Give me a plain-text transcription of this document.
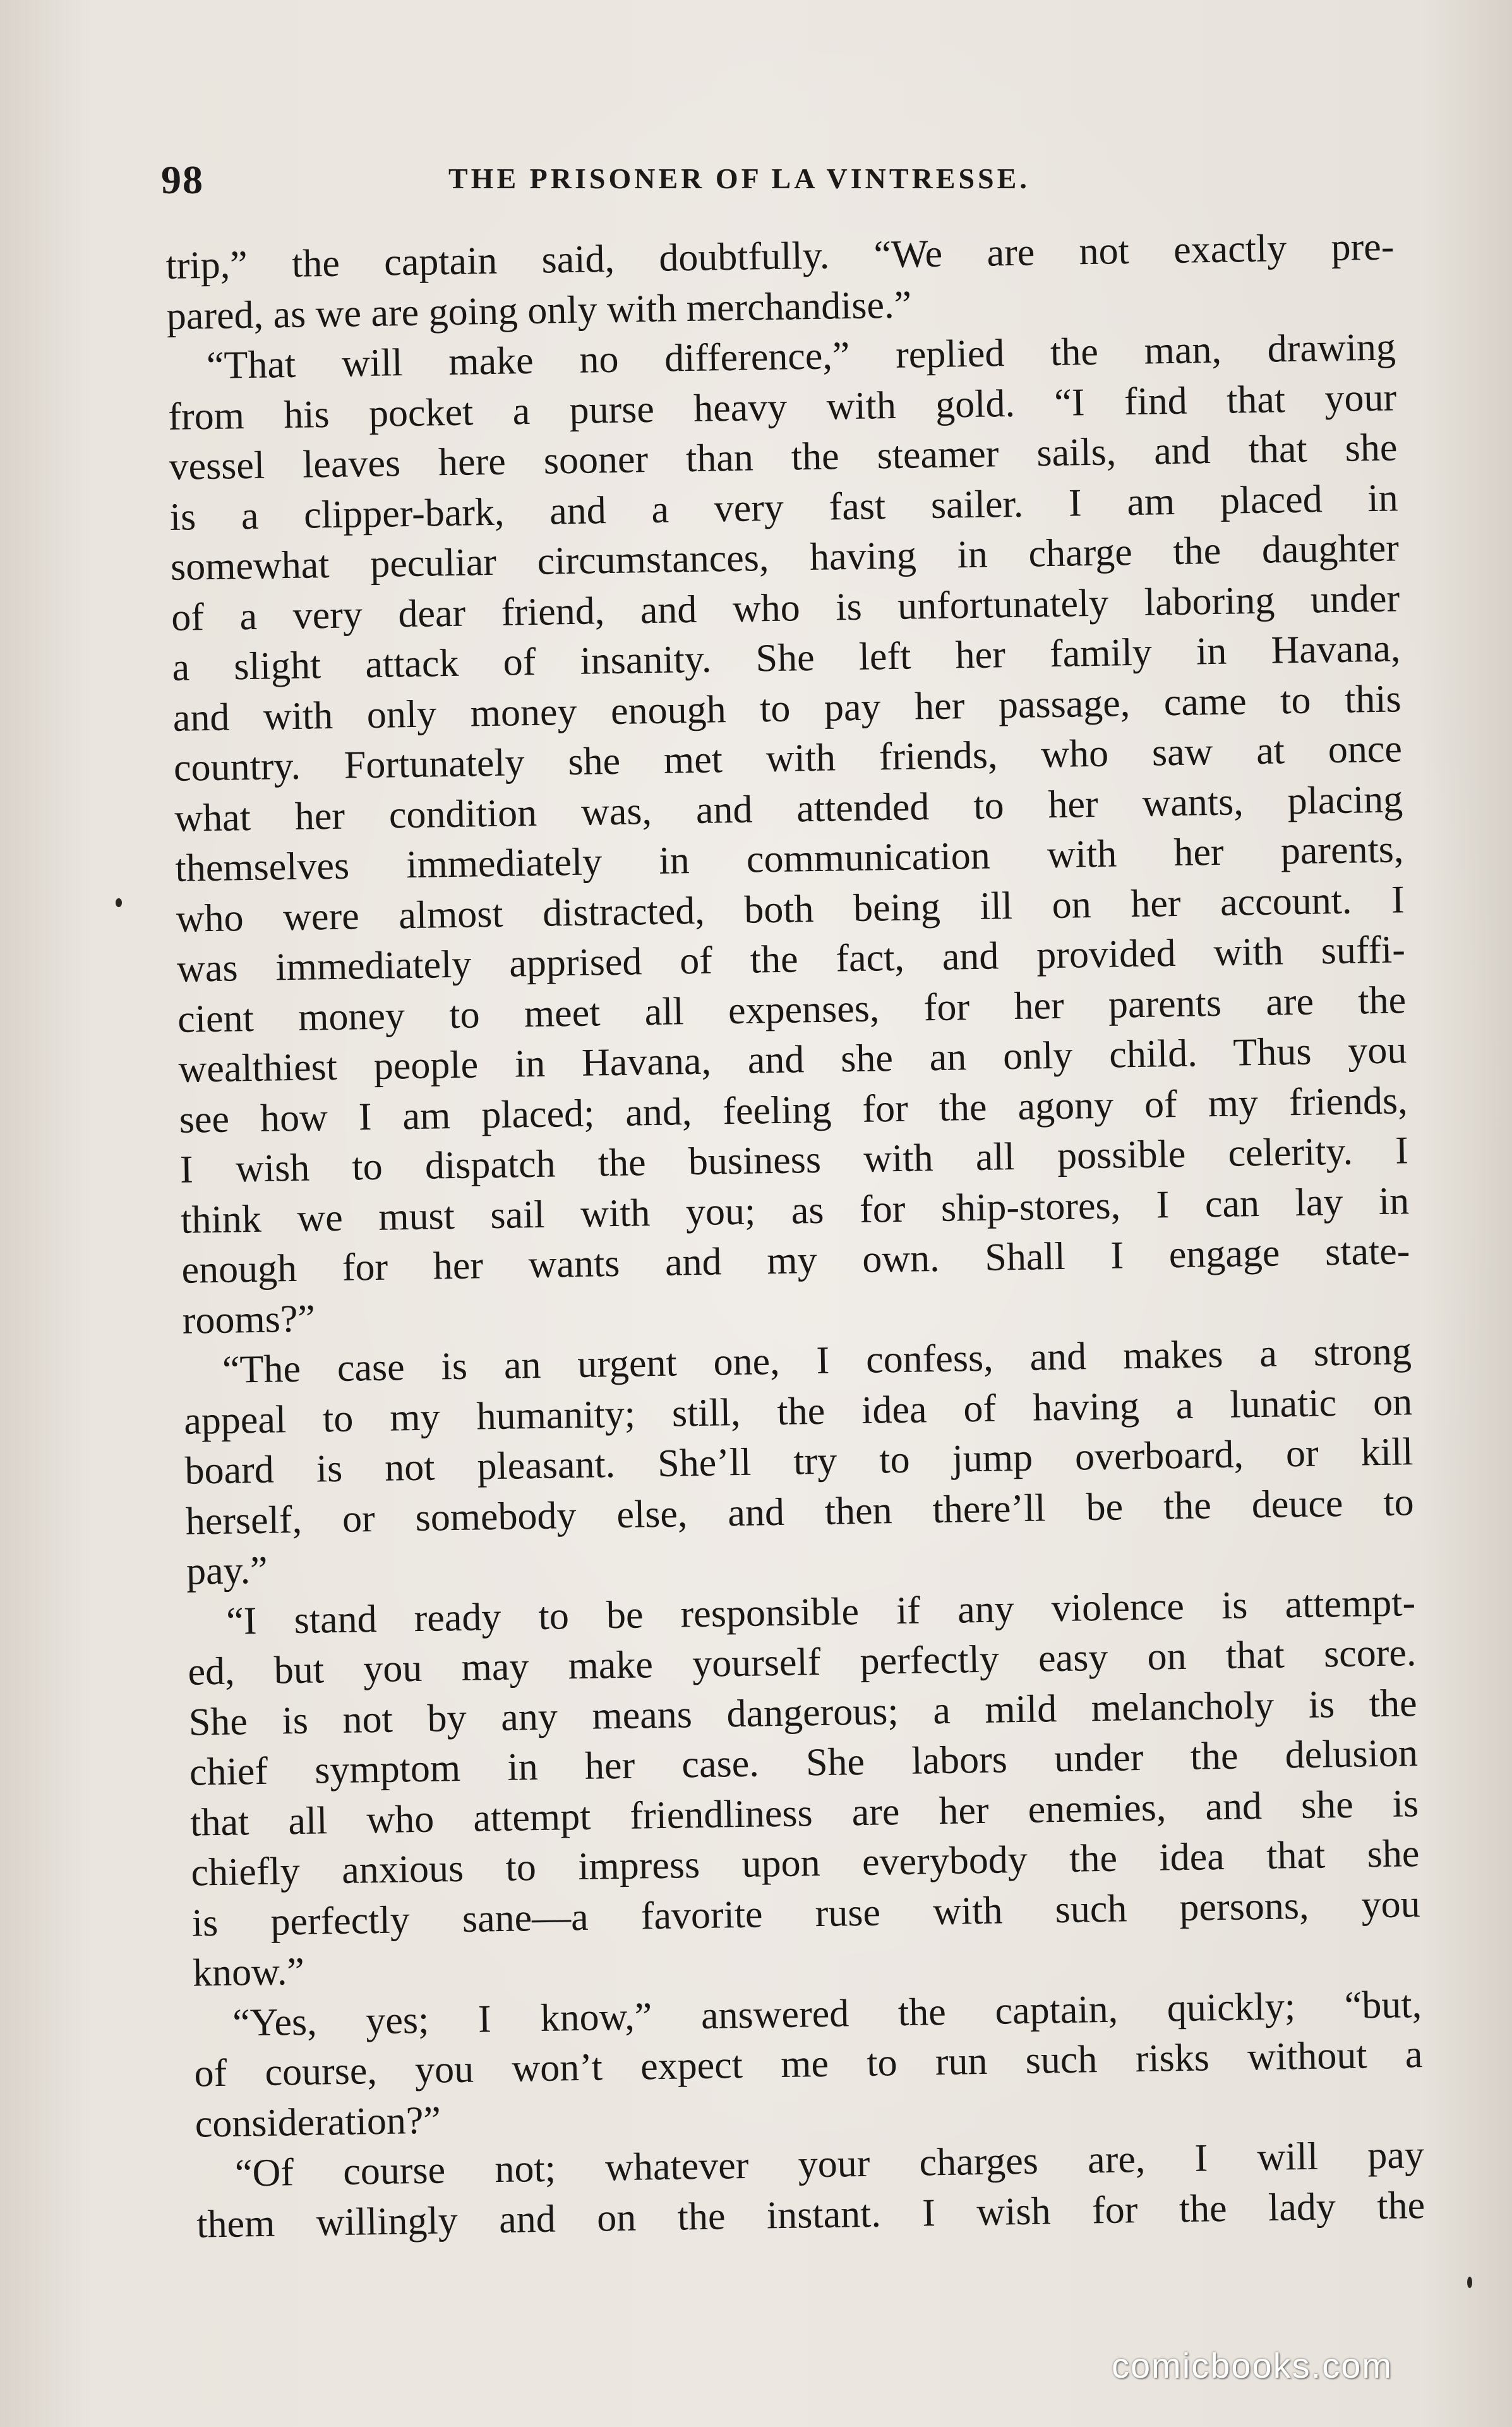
98	THE PRISONER OF LA VINTRESSE.
trip,” the captain said, doubtfully. “We are not exactly pre-
pared, as we are going only with merchandise.”
“That will make no difference,” replied the man, drawing
from his pocket a purse heavy with gold. “I find that your
vessel leaves here sooner than the steamer sails, and that she
is a clipper-bark, and a very fast sailer. I am placed in
somewhat peculiar circumstances, having in charge the daughter
of a very dear friend, and who is unfortunately laboring under
a slight attack of insanity. She left her family in Havana,
and with only money enough to pay her passage, came to this
country. Fortunately she met with friends, who saw at once
what her condition was, and attended to her wants, placing
themselves immediately in communication with her parents,
who were almost distracted, both being ill on her account. I
was immediately apprised of the fact, and provided with suffi-
cient money to meet all expenses, for her parents are the
wealthiest people in Havana, and she an only child. Thus you
see how I am placed; and, feeling for the agony of my friends,
I wish to dispatch the business with all possible celerity. I
think we must sail with you; as for ship-stores, I can lay in
enough for her wants and my own. Shall I engage state-
rooms?”
“The case is an urgent one, I confess, and makes a strong
appeal to my humanity; still, the idea of having a lunatic on
board is not pleasant. She’ll try to jump overboard, or kill
herself, or somebody else, and then there’ll be the deuce to
pay.”
“I stand ready to be responsible if any violence is attempt-
ed, but you may make yourself perfectly easy on that score.
She is not by any means dangerous; a mild melancholy is the
chief symptom in her case. She labors under the delusion
that all who attempt friendliness are her enemies, and she is
chiefly anxious to impress upon everybody the idea that she
is perfectly sane—a favorite ruse with such persons, you
know.”
“Yes, yes; I know,” answered the captain, quickly; “but,
of course, you won’t expect me to run such risks without a
consideration?”
“Of course not; whatever your charges are, I will pay
them willingly and on the instant. I wish for the lady the
comicbooks.com
